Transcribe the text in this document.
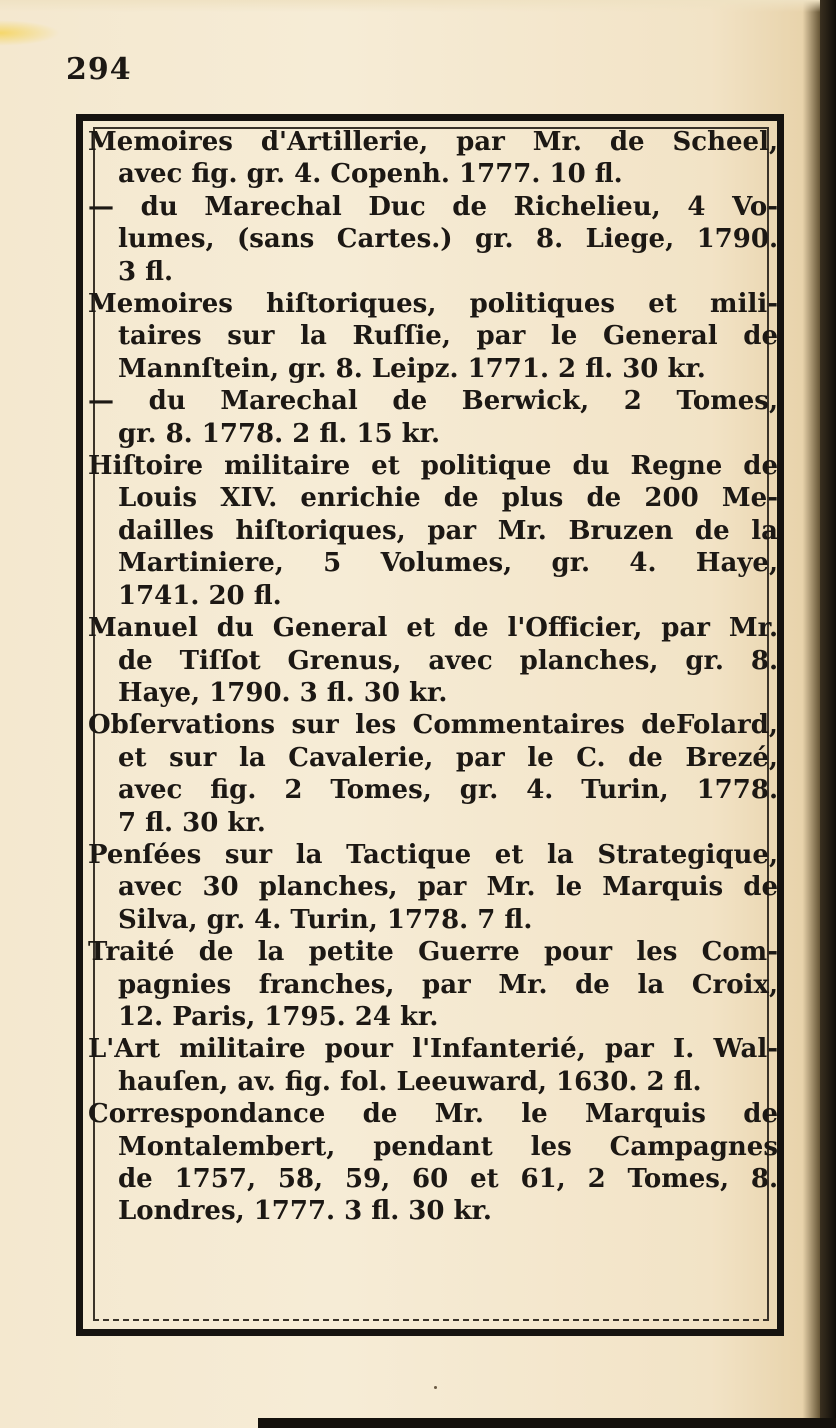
294

Memoires d'Artillerie, par Mr. de Scheel,
avec fig. gr. 4. Copenh. 1777. 10 fl.

— du Marechal Duc de Richelieu, 4 Vo-
lumes, (sans Cartes.) gr. 8. Liege, 1790.
3 fl.

Memoires hiſtoriques, politiques et mili-
taires sur la Ruſſie, par le General de
Mannſtein, gr. 8. Leipz. 1771. 2 fl. 30 kr.

— du Marechal de Berwick, 2 Tomes,
gr. 8. 1778. 2 fl. 15 kr.

Hiſtoire militaire et politique du Regne de
Louis XIV. enrichie de plus de 200 Me-
dailles hiſtoriques, par Mr. Bruzen de la
Martiniere, 5 Volumes, gr. 4. Haye,
1741. 20 fl.

Manuel du General et de l'Officier, par Mr.
de Tiſſot Grenus, avec planches, gr. 8.
Haye, 1790. 3 fl. 30 kr.

Obſervations sur les Commentaires deFolard,
et sur la Cavalerie, par le C. de Brezé,
avec fig. 2 Tomes, gr. 4. Turin, 1778.
7 fl. 30 kr.

Penſées sur la Tactique et la Strategique,
avec 30 planches, par Mr. le Marquis de
Silva, gr. 4. Turin, 1778. 7 fl.

Traité de la petite Guerre pour les Com-
pagnies franches, par Mr. de la Croix,
12. Paris, 1795. 24 kr.

L'Art militaire pour l'Infanterié, par I. Wal-
hauſen, av. fig. fol. Leeuward, 1630. 2 fl.

Correspondance de Mr. le Marquis de
Montalembert, pendant les Campagnes
de 1757, 58, 59, 60 et 61, 2 Tomes, 8.
Londres, 1777. 3 fl. 30 kr.
